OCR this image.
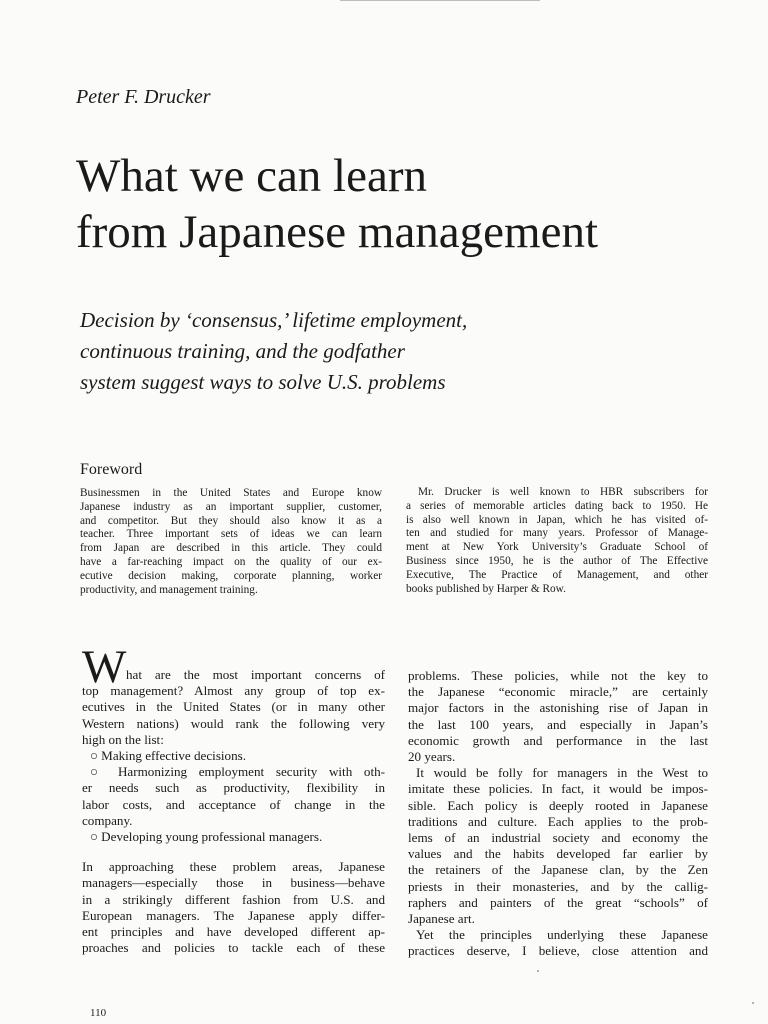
Peter F. Drucker
What we can learn
from Japanese management

Decision by ‘consensus,’ lifetime employment,
continuous training, and the godfather
system suggest ways to solve U.S. problems

Foreword
Businessmen in the United States and Europe know
Japanese industry as an important supplier, customer,
and competitor. But they should also know it as a
teacher. Three important sets of ideas we can learn
from Japan are described in this article. They could
have a far-reaching impact on the quality of our ex-
ecutive decision making, corporate planning, worker
productivity, and management training.
Mr. Drucker is well known to HBR subscribers for
a series of memorable articles dating back to 1950. He
is also well known in Japan, which he has visited of-
ten and studied for many years. Professor of Manage-
ment at New York University’s Graduate School of
Business since 1950, he is the author of The Effective
Executive, The Practice of Management, and other
books published by Harper & Row.
W hat are the most important concerns of
top management? Almost any group of top ex-
ecutives in the United States (or in many other
Western nations) would rank the following very
high on the list:
○ Making effective decisions.
○ Harmonizing employment security with oth-
er needs such as productivity, flexibility in
labor costs, and acceptance of change in the
company.
○ Developing young professional managers.
In approaching these problem areas, Japanese
managers—especially those in business—behave
in a strikingly different fashion from U.S. and
European managers. The Japanese apply differ-
ent principles and have developed different ap-
proaches and policies to tackle each of these
problems. These policies, while not the key to
the Japanese “economic miracle,” are certainly
major factors in the astonishing rise of Japan in
the last 100 years, and especially in Japan’s
economic growth and performance in the last
20 years.
It would be folly for managers in the West to
imitate these policies. In fact, it would be impos-
sible. Each policy is deeply rooted in Japanese
traditions and culture. Each applies to the prob-
lems of an industrial society and economy the
values and the habits developed far earlier by
the retainers of the Japanese clan, by the Zen
priests in their monasteries, and by the callig-
raphers and painters of the great “schools” of
Japanese art.
Yet the principles underlying these Japanese
practices deserve, I believe, close attention and
110
